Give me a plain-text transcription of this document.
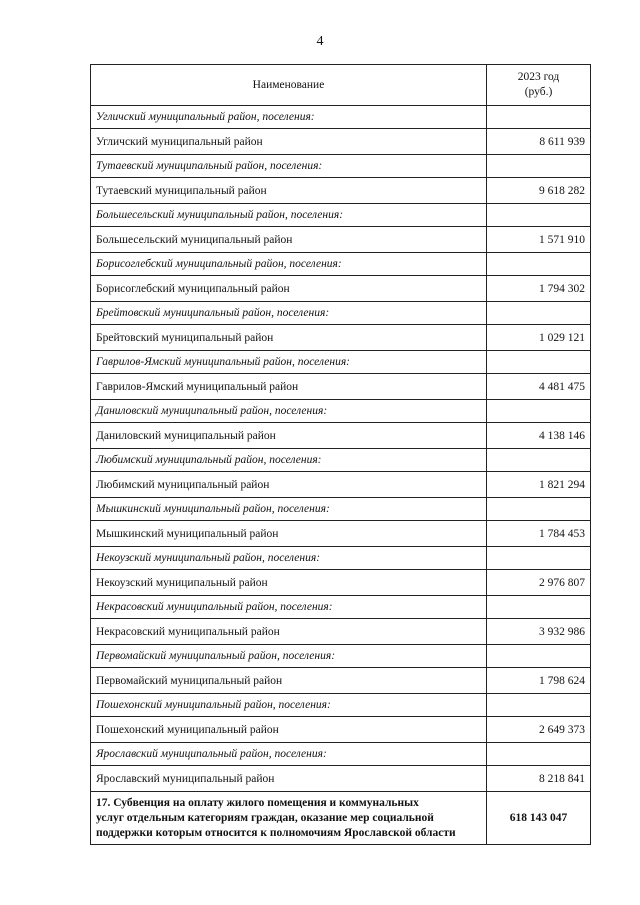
4
Наименование	2023 год
(руб.)

Угличский муниципальный район, поселения:	
Угличский муниципальный район	8 611 939
Тутаевский муниципальный район, поселения:	
Тутаевский муниципальный район	9 618 282
Большесельский муниципальный район, поселения:	
Большесельский муниципальный район	1 571 910
Борисоглебский муниципальный район, поселения:	
Борисоглебский муниципальный район	1 794 302
Брейтовский муниципальный район, поселения:	
Брейтовский муниципальный район	1 029 121
Гаврилов-Ямский муниципальный район, поселения:	
Гаврилов-Ямский муниципальный район	4 481 475
Даниловский муниципальный район, поселения:	
Даниловский муниципальный район	4 138 146
Любимский муниципальный район, поселения:	
Любимский муниципальный район	1 821 294
Мышкинский муниципальный район, поселения:	
Мышкинский муниципальный район	1 784 453
Некоузский муниципальный район, поселения:	
Некоузский муниципальный район	2 976 807
Некрасовский муниципальный район, поселения:	
Некрасовский муниципальный район	3 932 986
Первомайский муниципальный район, поселения:	
Первомайский муниципальный район	1 798 624
Пошехонский муниципальный район, поселения:	
Пошехонский муниципальный район	2 649 373
Ярославский муниципальный район, поселения:	
Ярославский муниципальный район	8 218 841

17. Субвенция на оплату жилого помещения и коммунальных
услуг отдельным категориям граждан, оказание мер социальной
поддержки которым относится к полномочиям Ярославской области	618 143 047
